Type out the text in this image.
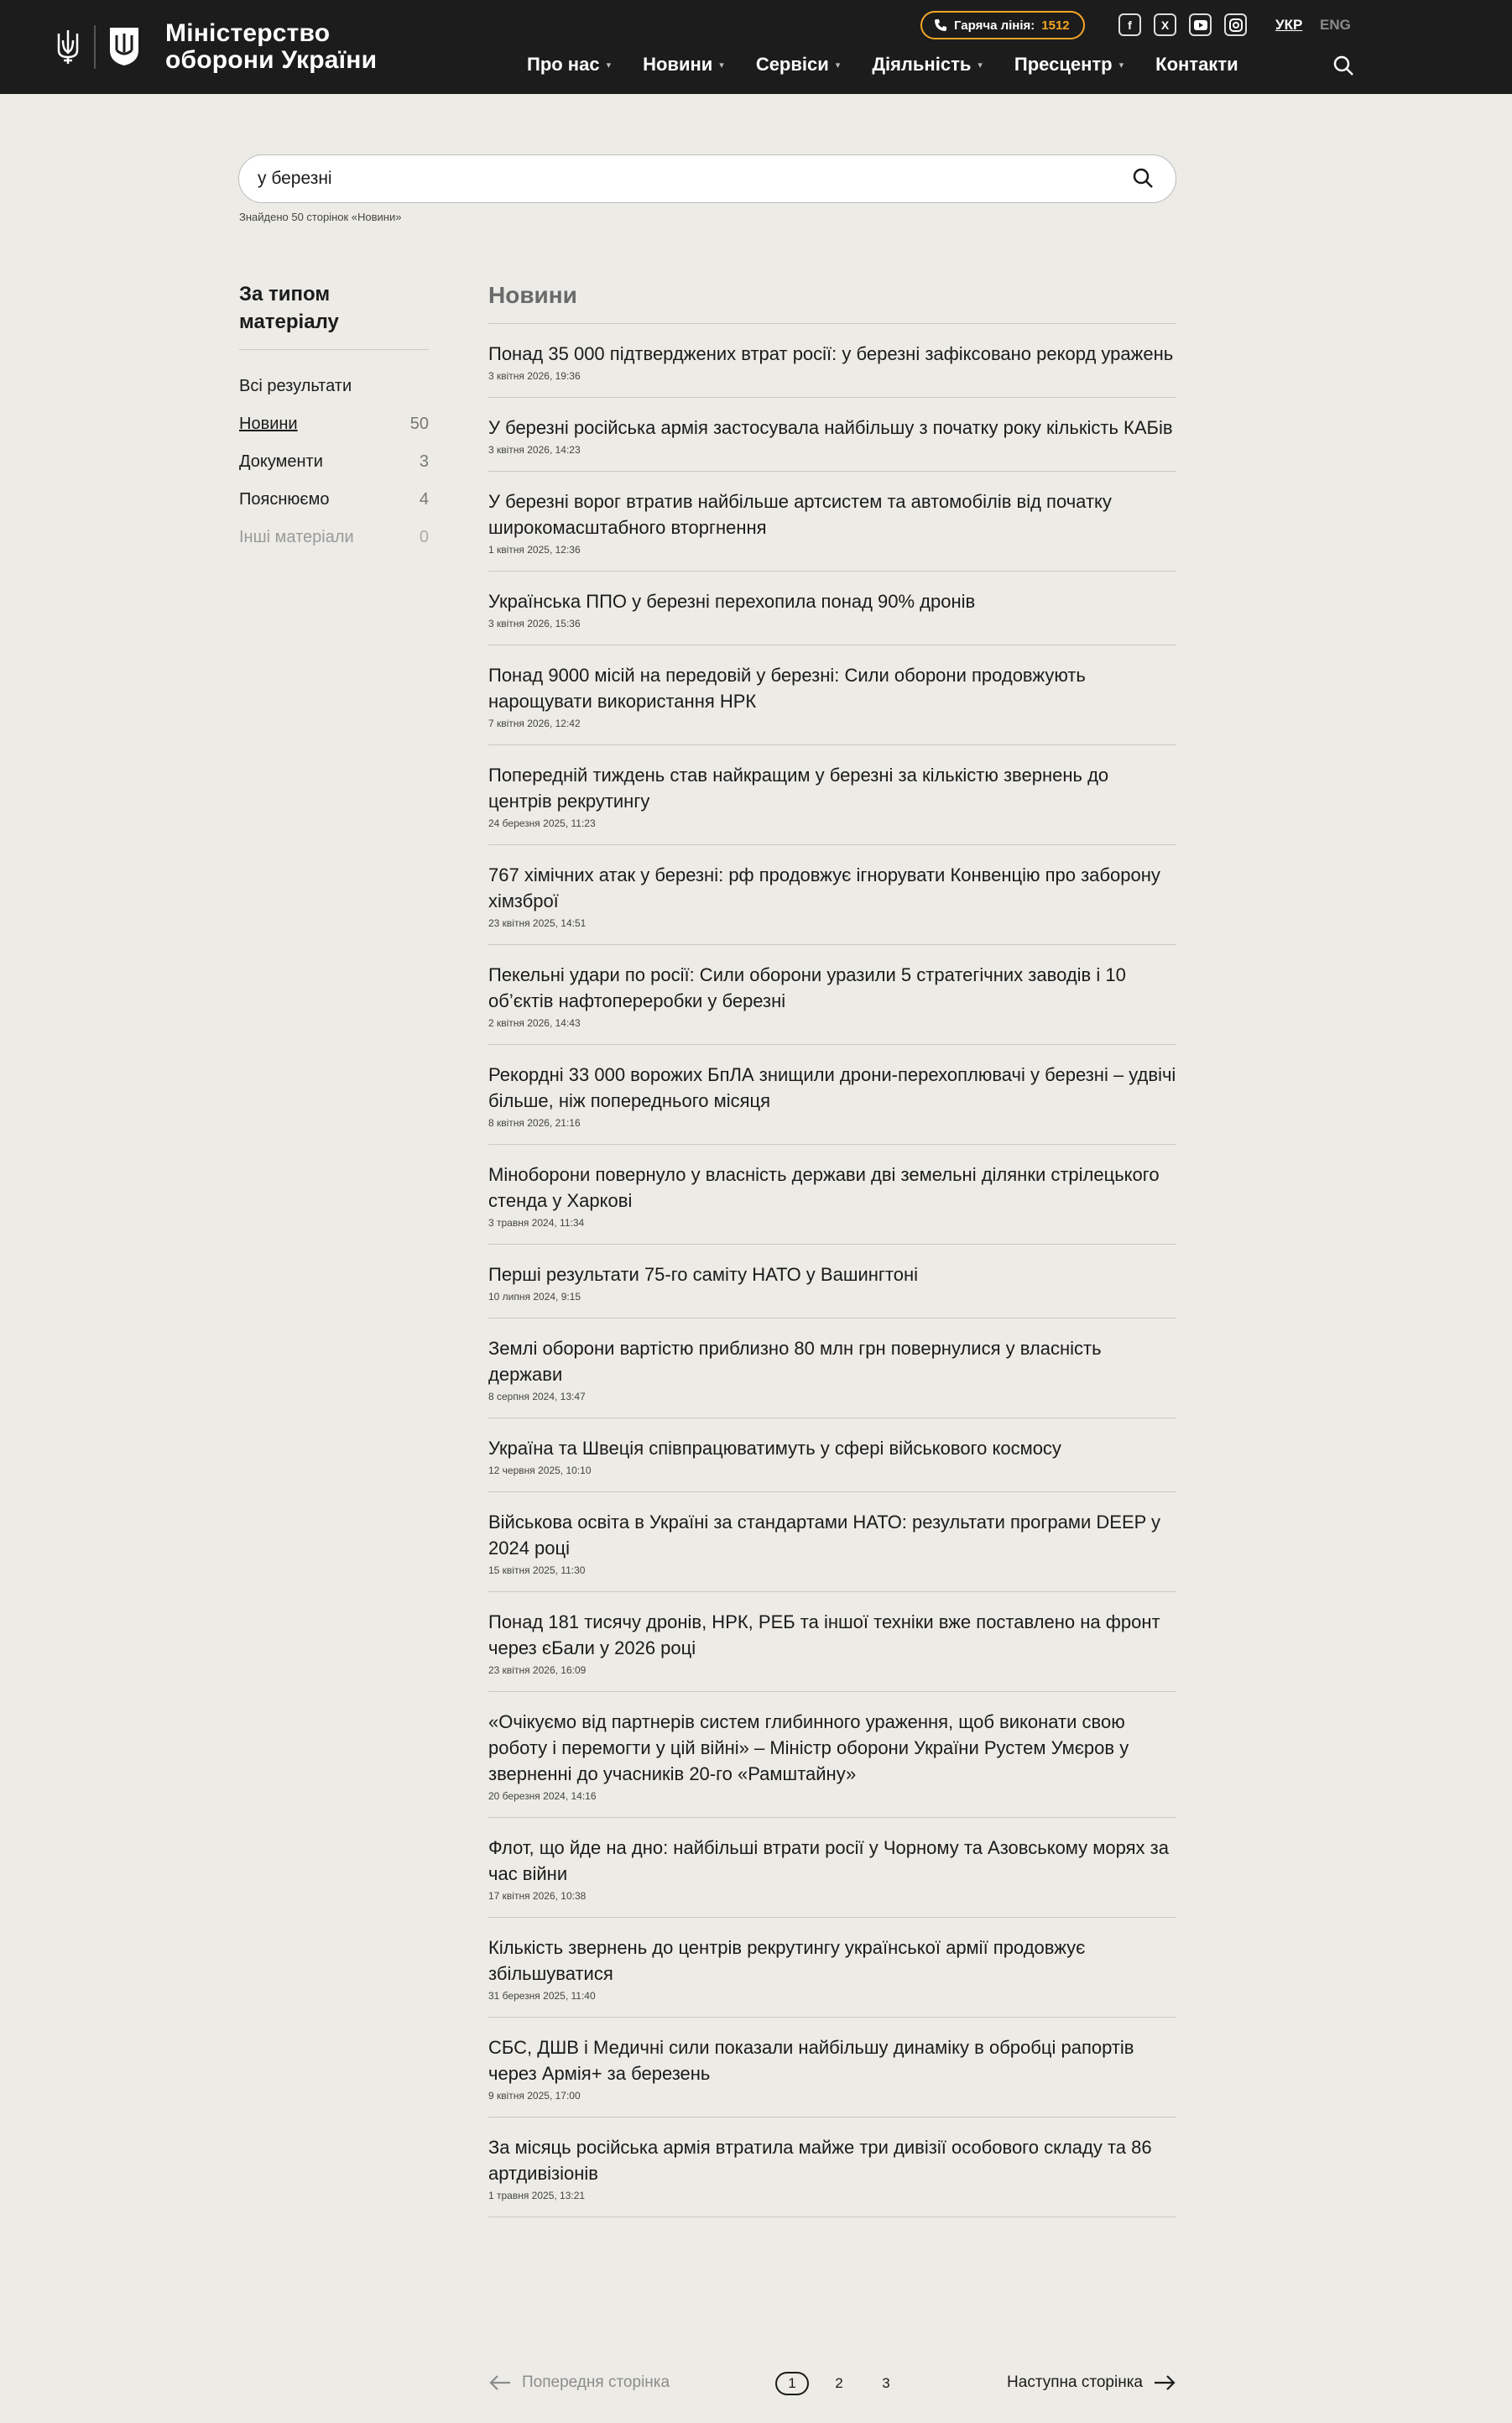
Міністерство
оборони України
Гаряча лінія: 1512	f	X	УКР ENG
Про нас ▾ Новини ▾ Сервіси ▾ Діяльність ▾ Пресцентр ▾ Контакти
у березні
Знайдено 50 сторінок «Новини»
За типом матеріалу
Всі результати
Новини	50
Документи	3
Пояснюємо	4
Інші матеріали	0
Новини
Понад 35 000 підтверджених втрат росії: у березні зафіксовано рекорд уражень
3 квітня 2026, 19:36
У березні російська армія застосувала найбільшу з початку року кількість КАБів
3 квітня 2026, 14:23
У березні ворог втратив найбільше артсистем та автомобілів від початку широкомасштабного вторгнення
1 квітня 2025, 12:36
Українська ППО у березні перехопила понад 90% дронів
3 квітня 2026, 15:36
Понад 9000 місій на передовій у березні: Сили оборони продовжують нарощувати використання НРК
7 квітня 2026, 12:42
Попередній тиждень став найкращим у березні за кількістю звернень до центрів рекрутингу
24 березня 2025, 11:23
767 хімічних атак у березні: рф продовжує ігнорувати Конвенцію про заборону хімзброї
23 квітня 2025, 14:51
Пекельні удари по росії: Сили оборони уразили 5 стратегічних заводів і 10 об’єктів нафтопереробки у березні
2 квітня 2026, 14:43
Рекордні 33 000 ворожих БпЛА знищили дрони-перехоплювачі у березні – удвічі більше, ніж попереднього місяця
8 квітня 2026, 21:16
Міноборони повернуло у власність держави дві земельні ділянки стрілецького стенда у Харкові
3 травня 2024, 11:34
Перші результати 75-го саміту НАТО у Вашингтоні
10 липня 2024, 9:15
Землі оборони вартістю приблизно 80 млн грн повернулися у власність держави
8 серпня 2024, 13:47
Україна та Швеція співпрацюватимуть у сфері військового космосу
12 червня 2025, 10:10
Військова освіта в Україні за стандартами НАТО: результати програми DEEP у 2024 році
15 квітня 2025, 11:30
Понад 181 тисячу дронів, НРК, РЕБ та іншої техніки вже поставлено на фронт через єБали у 2026 році
23 квітня 2026, 16:09
«Очікуємо від партнерів систем глибинного ураження, щоб виконати свою роботу і перемогти у цій війні» – Міністр оборони України Рустем Умєров у зверненні до учасників 20-го «Рамштайну»
20 березня 2024, 14:16
Флот, що йде на дно: найбільші втрати росії у Чорному та Азовському морях за час війни
17 квітня 2026, 10:38
Кількість звернень до центрів рекрутингу української армії продовжує збільшуватися
31 березня 2025, 11:40
СБС, ДШВ і Медичні сили показали найбільшу динаміку в обробці рапортів через Армія+ за березень
9 квітня 2025, 17:00
За місяць російська армія втратила майже три дивізії особового складу та 86 артдивізіонів
1 травня 2025, 13:21
Попередня сторінка	1	2	3	Наступна сторінка
